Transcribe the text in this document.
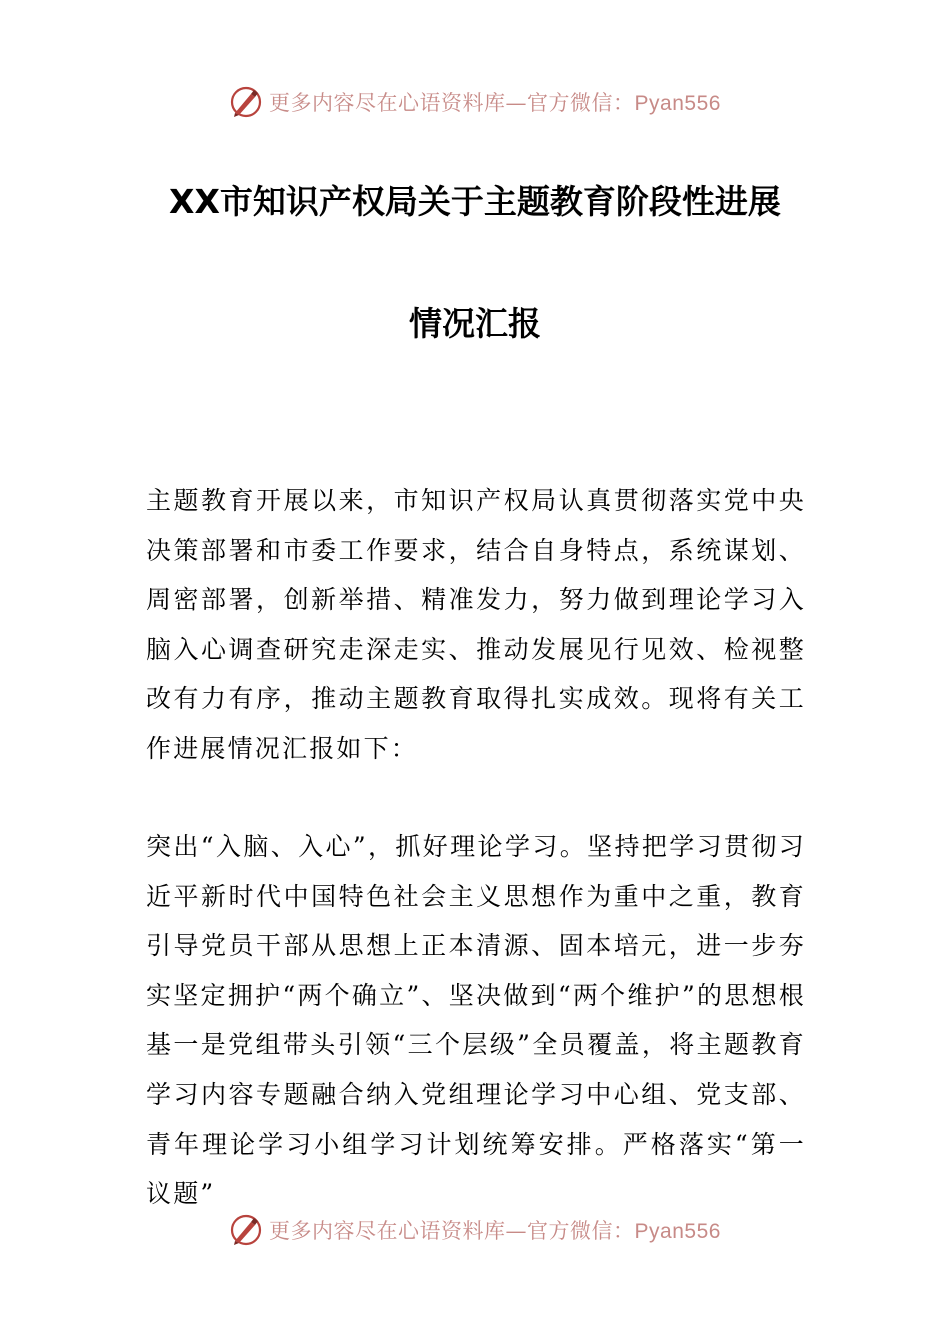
更多内容尽在心语资料库—官方微信：Pyan556
XX市知识产权局关于主题教育阶段性进展
情况汇报

主题教育开展以来，市知识产权局认真贯彻落实党中央决策部署和市委工作要求，结合自身特点，系统谋划、周密部署，创新举措、精准发力，努力做到理论学习入脑入心调查研究走深走实、推动发展见行见效、检视整改有力有序，推动主题教育取得扎实成效。现将有关工作进展情况汇报如下：

突出“入脑、入心”，抓好理论学习。坚持把学习贯彻习近平新时代中国特色社会主义思想作为重中之重，教育引导党员干部从思想上正本清源、固本培元，进一步夯实坚定拥护“两个确立”、坚决做到“两个维护”的思想根基一是党组带头引领“三个层级”全员覆盖，将主题教育学习内容专题融合纳入党组理论学习中心组、党支部、青年理论学习小组学习计划统筹安排。严格落实“第一议题”

更多内容尽在心语资料库—官方微信：Pyan556
